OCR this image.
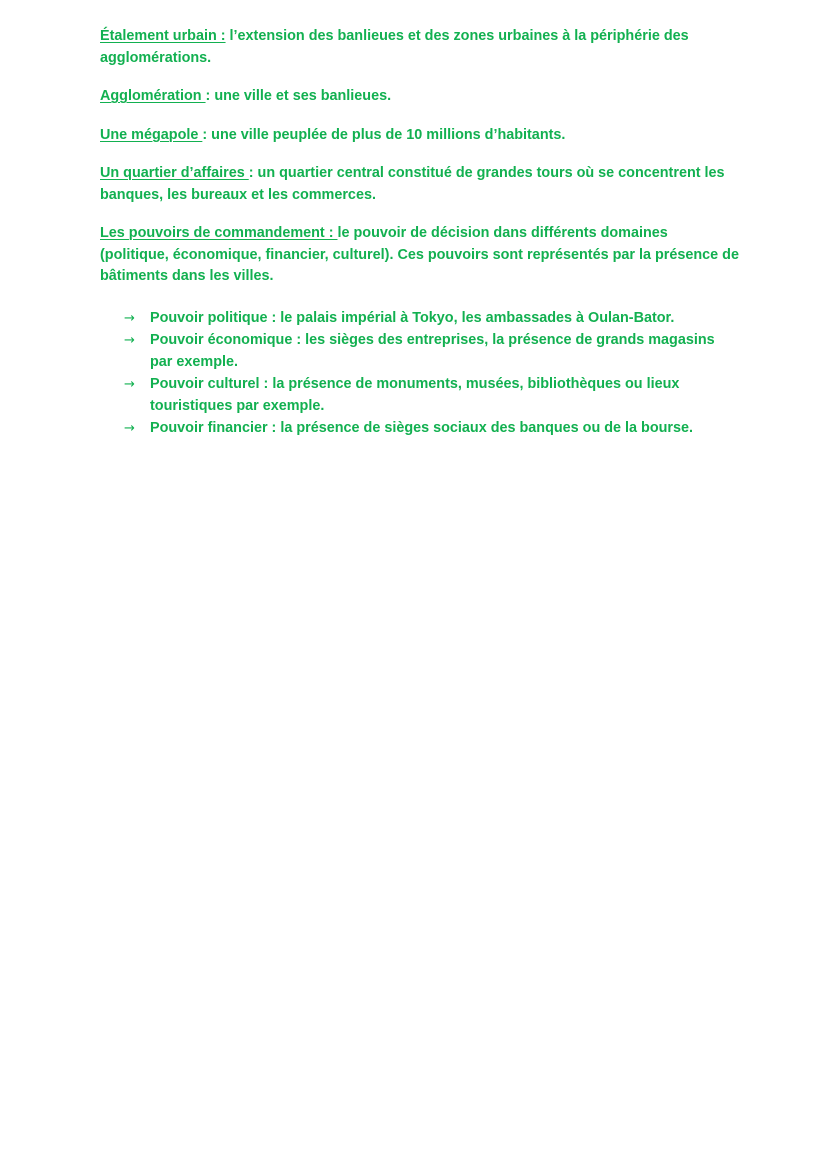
Étalement urbain : l’extension des banlieues et des zones urbaines à la périphérie des agglomérations.

Agglomération : une ville et ses banlieues.

Une mégapole : une ville peuplée de plus de 10 millions d’habitants.

Un quartier d’affaires : un quartier central constitué de grandes tours où se concentrent les banques, les bureaux et les commerces.

Les pouvoirs de commandement : le pouvoir de décision dans différents domaines (politique, économique, financier, culturel). Ces pouvoirs sont représentés par la présence de bâtiments dans les villes.

→ Pouvoir politique : le palais impérial à Tokyo, les ambassades à Oulan-Bator.
→ Pouvoir économique : les sièges des entreprises, la présence de grands magasins par exemple.
→ Pouvoir culturel : la présence de monuments, musées, bibliothèques ou lieux touristiques par exemple.
→ Pouvoir financier : la présence de sièges sociaux des banques ou de la bourse.
